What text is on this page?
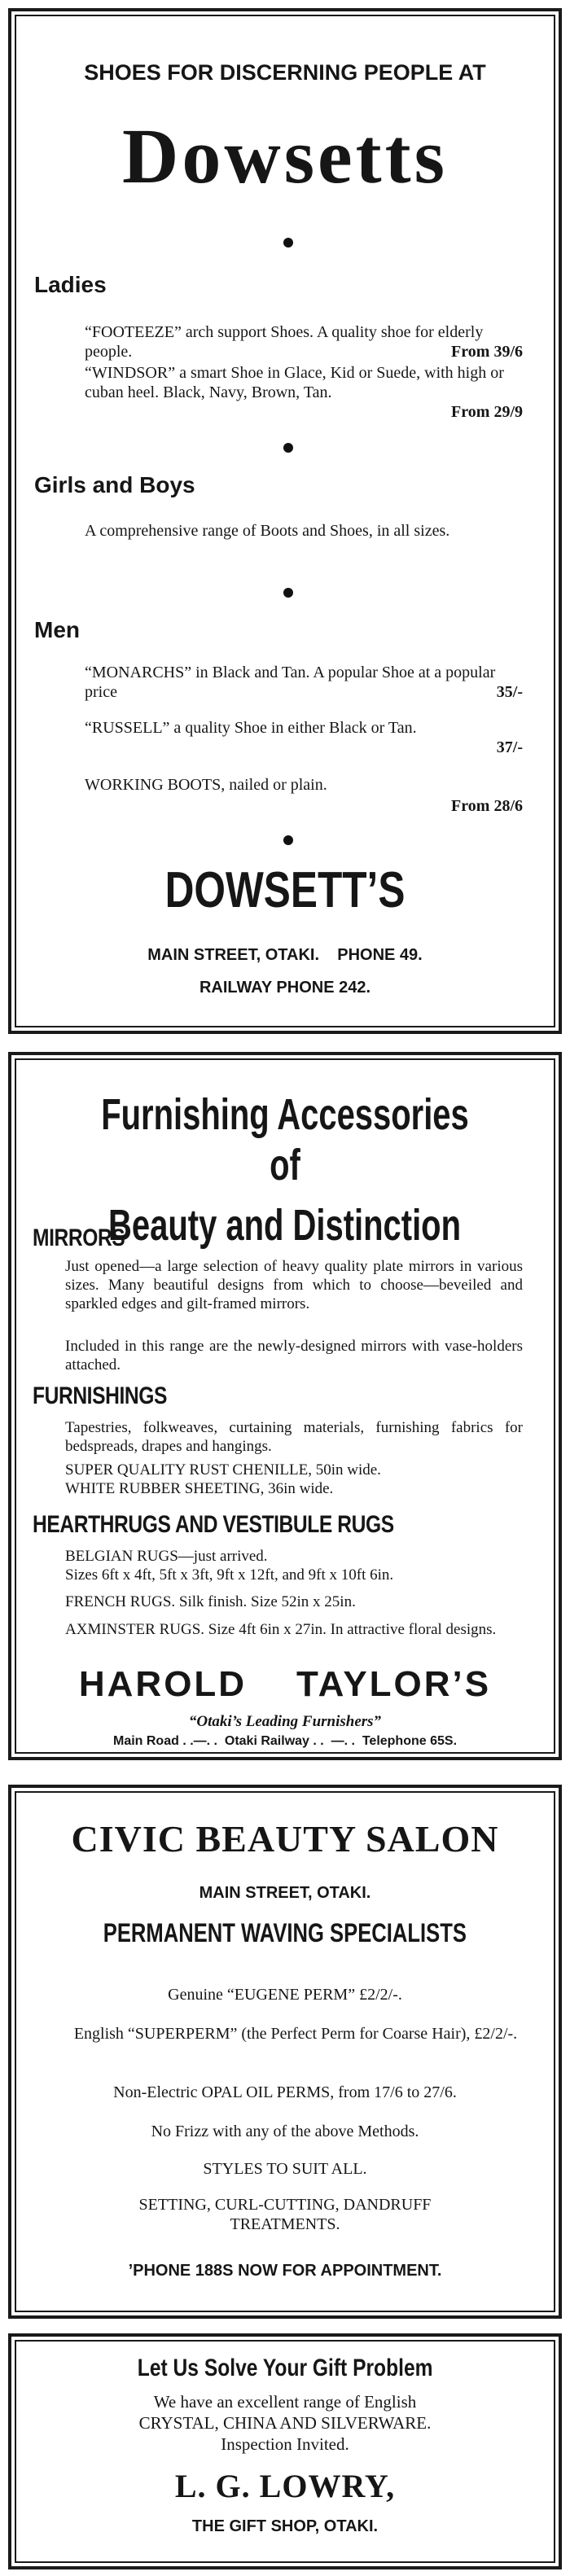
SHOES FOR DISCERNING PEOPLE AT
Dowsetts
Ladies

“FOOTEEZE” arch support Shoes. A quality shoe for elderly people.	From 39/6

“WINDSOR” a smart Shoe in Glace, Kid or Suede, with high or cuban heel. Black, Navy, Brown, Tan.

From 29/9
Girls and Boys

A comprehensive range of Boots and Shoes, in all sizes.

Men

“MONARCHS” in Black and Tan. A popular Shoe at a popular price	35/-

“RUSSELL” a quality Shoe in either Black or Tan.

37/-

WORKING BOOTS, nailed or plain.

From 28/6
DOWSETT’S
MAIN STREET, OTAKI.    PHONE 49.
RAILWAY PHONE 242.
Furnishing Accessories of
Beauty and Distinction
MIRRORS

Just opened—a large selection of heavy quality plate mirrors in various sizes. Many beautiful designs from which to choose—beveiled and sparkled edges and gilt-framed mirrors.

Included in this range are the newly-designed mirrors with vase-holders attached.

FURNISHINGS

Tapestries, folkweaves, curtaining materials, furnishing fabrics for bedspreads, drapes and hangings.

SUPER QUALITY RUST CHENILLE, 50in wide.

WHITE RUBBER SHEETING, 36in wide.

HEARTHRUGS AND VESTIBULE RUGS

BELGIAN RUGS—just arrived.

Sizes 6ft x 4ft, 5ft x 3ft, 9ft x 12ft, and 9ft x 10ft 6in.

FRENCH RUGS. Silk finish. Size 52in x 25in.

AXMINSTER RUGS. Size 4ft 6in x 27in. In attractive floral designs.

HAROLD    TAYLOR’S
“Otaki’s Leading Furnishers”
Main Road . .—. .  Otaki Railway . .  —. .  Telephone 65S.
CIVIC BEAUTY SALON
MAIN STREET, OTAKI.
PERMANENT WAVING SPECIALISTS

Genuine “EUGENE PERM” £2/2/-.

English “SUPERPERM” (the Perfect Perm for Coarse Hair), £2/2/-.

Non-Electric OPAL OIL PERMS, from 17/6 to 27/6.

No Frizz with any of the above Methods.

STYLES TO SUIT ALL.

SETTING, CURL-CUTTING, DANDRUFF TREATMENTS.

’PHONE 188S NOW FOR APPOINTMENT.
Let Us Solve Your Gift Problem

We have an excellent range of English

CRYSTAL, CHINA AND SILVERWARE.

Inspection Invited.

L. G. LOWRY,
THE GIFT SHOP, OTAKI.
